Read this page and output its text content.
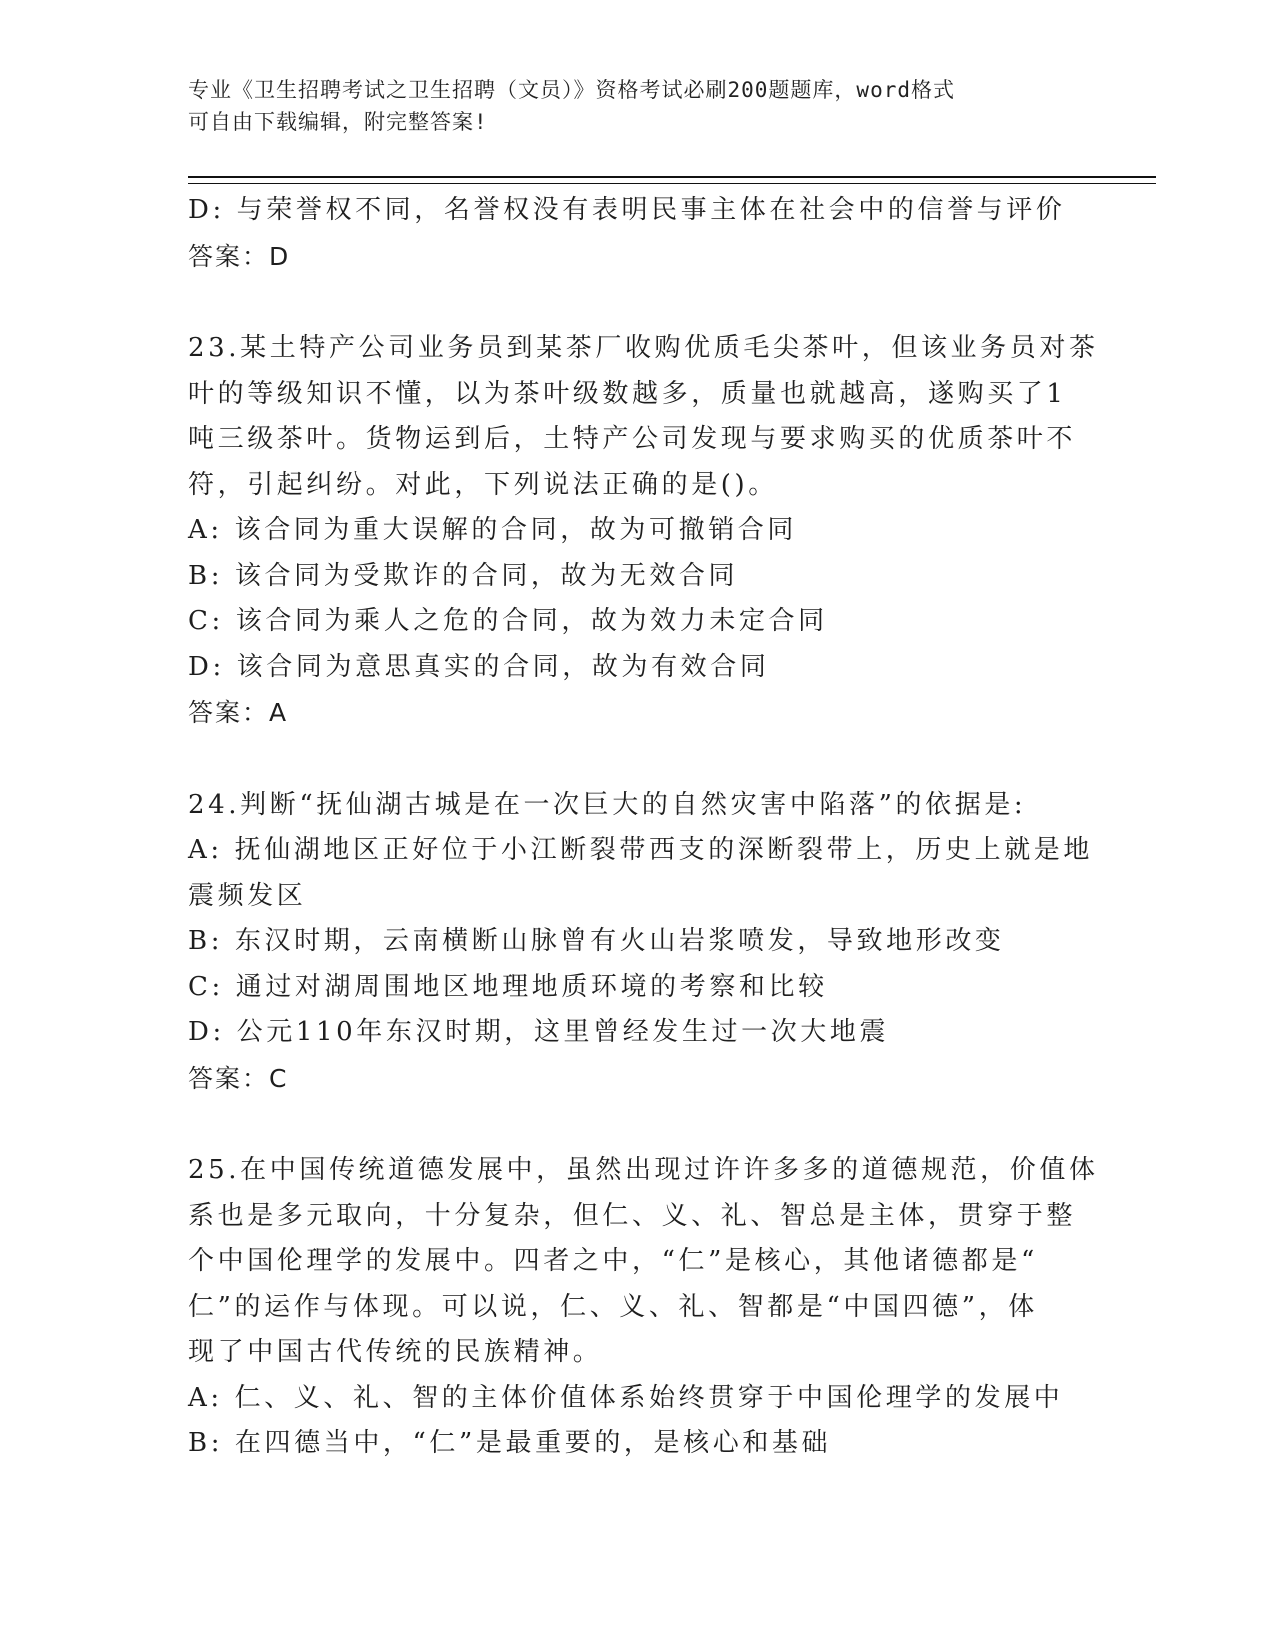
专业《卫生招聘考试之卫生招聘（文员）》资格考试必刷200题题库，word格式
可自由下载编辑，附完整答案!
D: 与荣誉权不同，名誉权没有表明民事主体在社会中的信誉与评价
答案：D
23.某土特产公司业务员到某茶厂收购优质毛尖茶叶，但该业务员对茶
叶的等级知识不懂，以为茶叶级数越多，质量也就越高，遂购买了1
吨三级茶叶。货物运到后，土特产公司发现与要求购买的优质茶叶不
符，引起纠纷。对此，下列说法正确的是()。
A: 该合同为重大误解的合同，故为可撤销合同
B: 该合同为受欺诈的合同，故为无效合同
C: 该合同为乘人之危的合同，故为效力未定合同
D: 该合同为意思真实的合同，故为有效合同
答案：A
24.判断“抚仙湖古城是在一次巨大的自然灾害中陷落”的依据是:
A: 抚仙湖地区正好位于小江断裂带西支的深断裂带上，历史上就是地
震频发区
B: 东汉时期，云南横断山脉曾有火山岩浆喷发，导致地形改变
C: 通过对湖周围地区地理地质环境的考察和比较
D: 公元110年东汉时期，这里曾经发生过一次大地震
答案：C
25.在中国传统道德发展中，虽然出现过许许多多的道德规范，价值体
系也是多元取向，十分复杂，但仁、义、礼、智总是主体，贯穿于整
个中国伦理学的发展中。四者之中，“仁”是核心，其他诸德都是“
仁”的运作与体现。可以说，仁、义、礼、智都是“中国四德”，体
现了中国古代传统的民族精神。
A: 仁、义、礼、智的主体价值体系始终贯穿于中国伦理学的发展中
B: 在四德当中，“仁”是最重要的，是核心和基础
